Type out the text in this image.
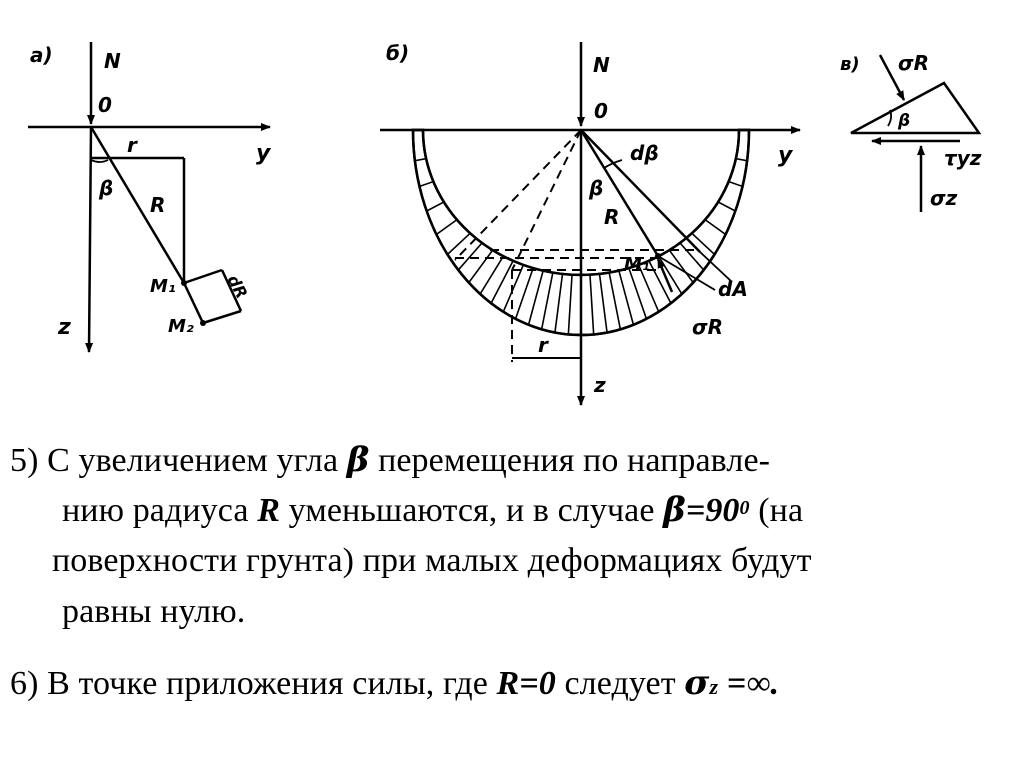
а)	N
0
y
z
r
β
R
M₁
M₂
dR
б)	N
0
y
z
dβ
β
R
M₁
dA
σR
r
в) σR
β
τyz
σz
5) С увеличением угла β перемещения по направле-
нию радиуса R уменьшаются, и в случае $\beta=90^0$ (на
поверхности грунта) при малых деформациях будут
равны нулю.
6) В точке приложения силы, где R=0 следует σz =∞.
